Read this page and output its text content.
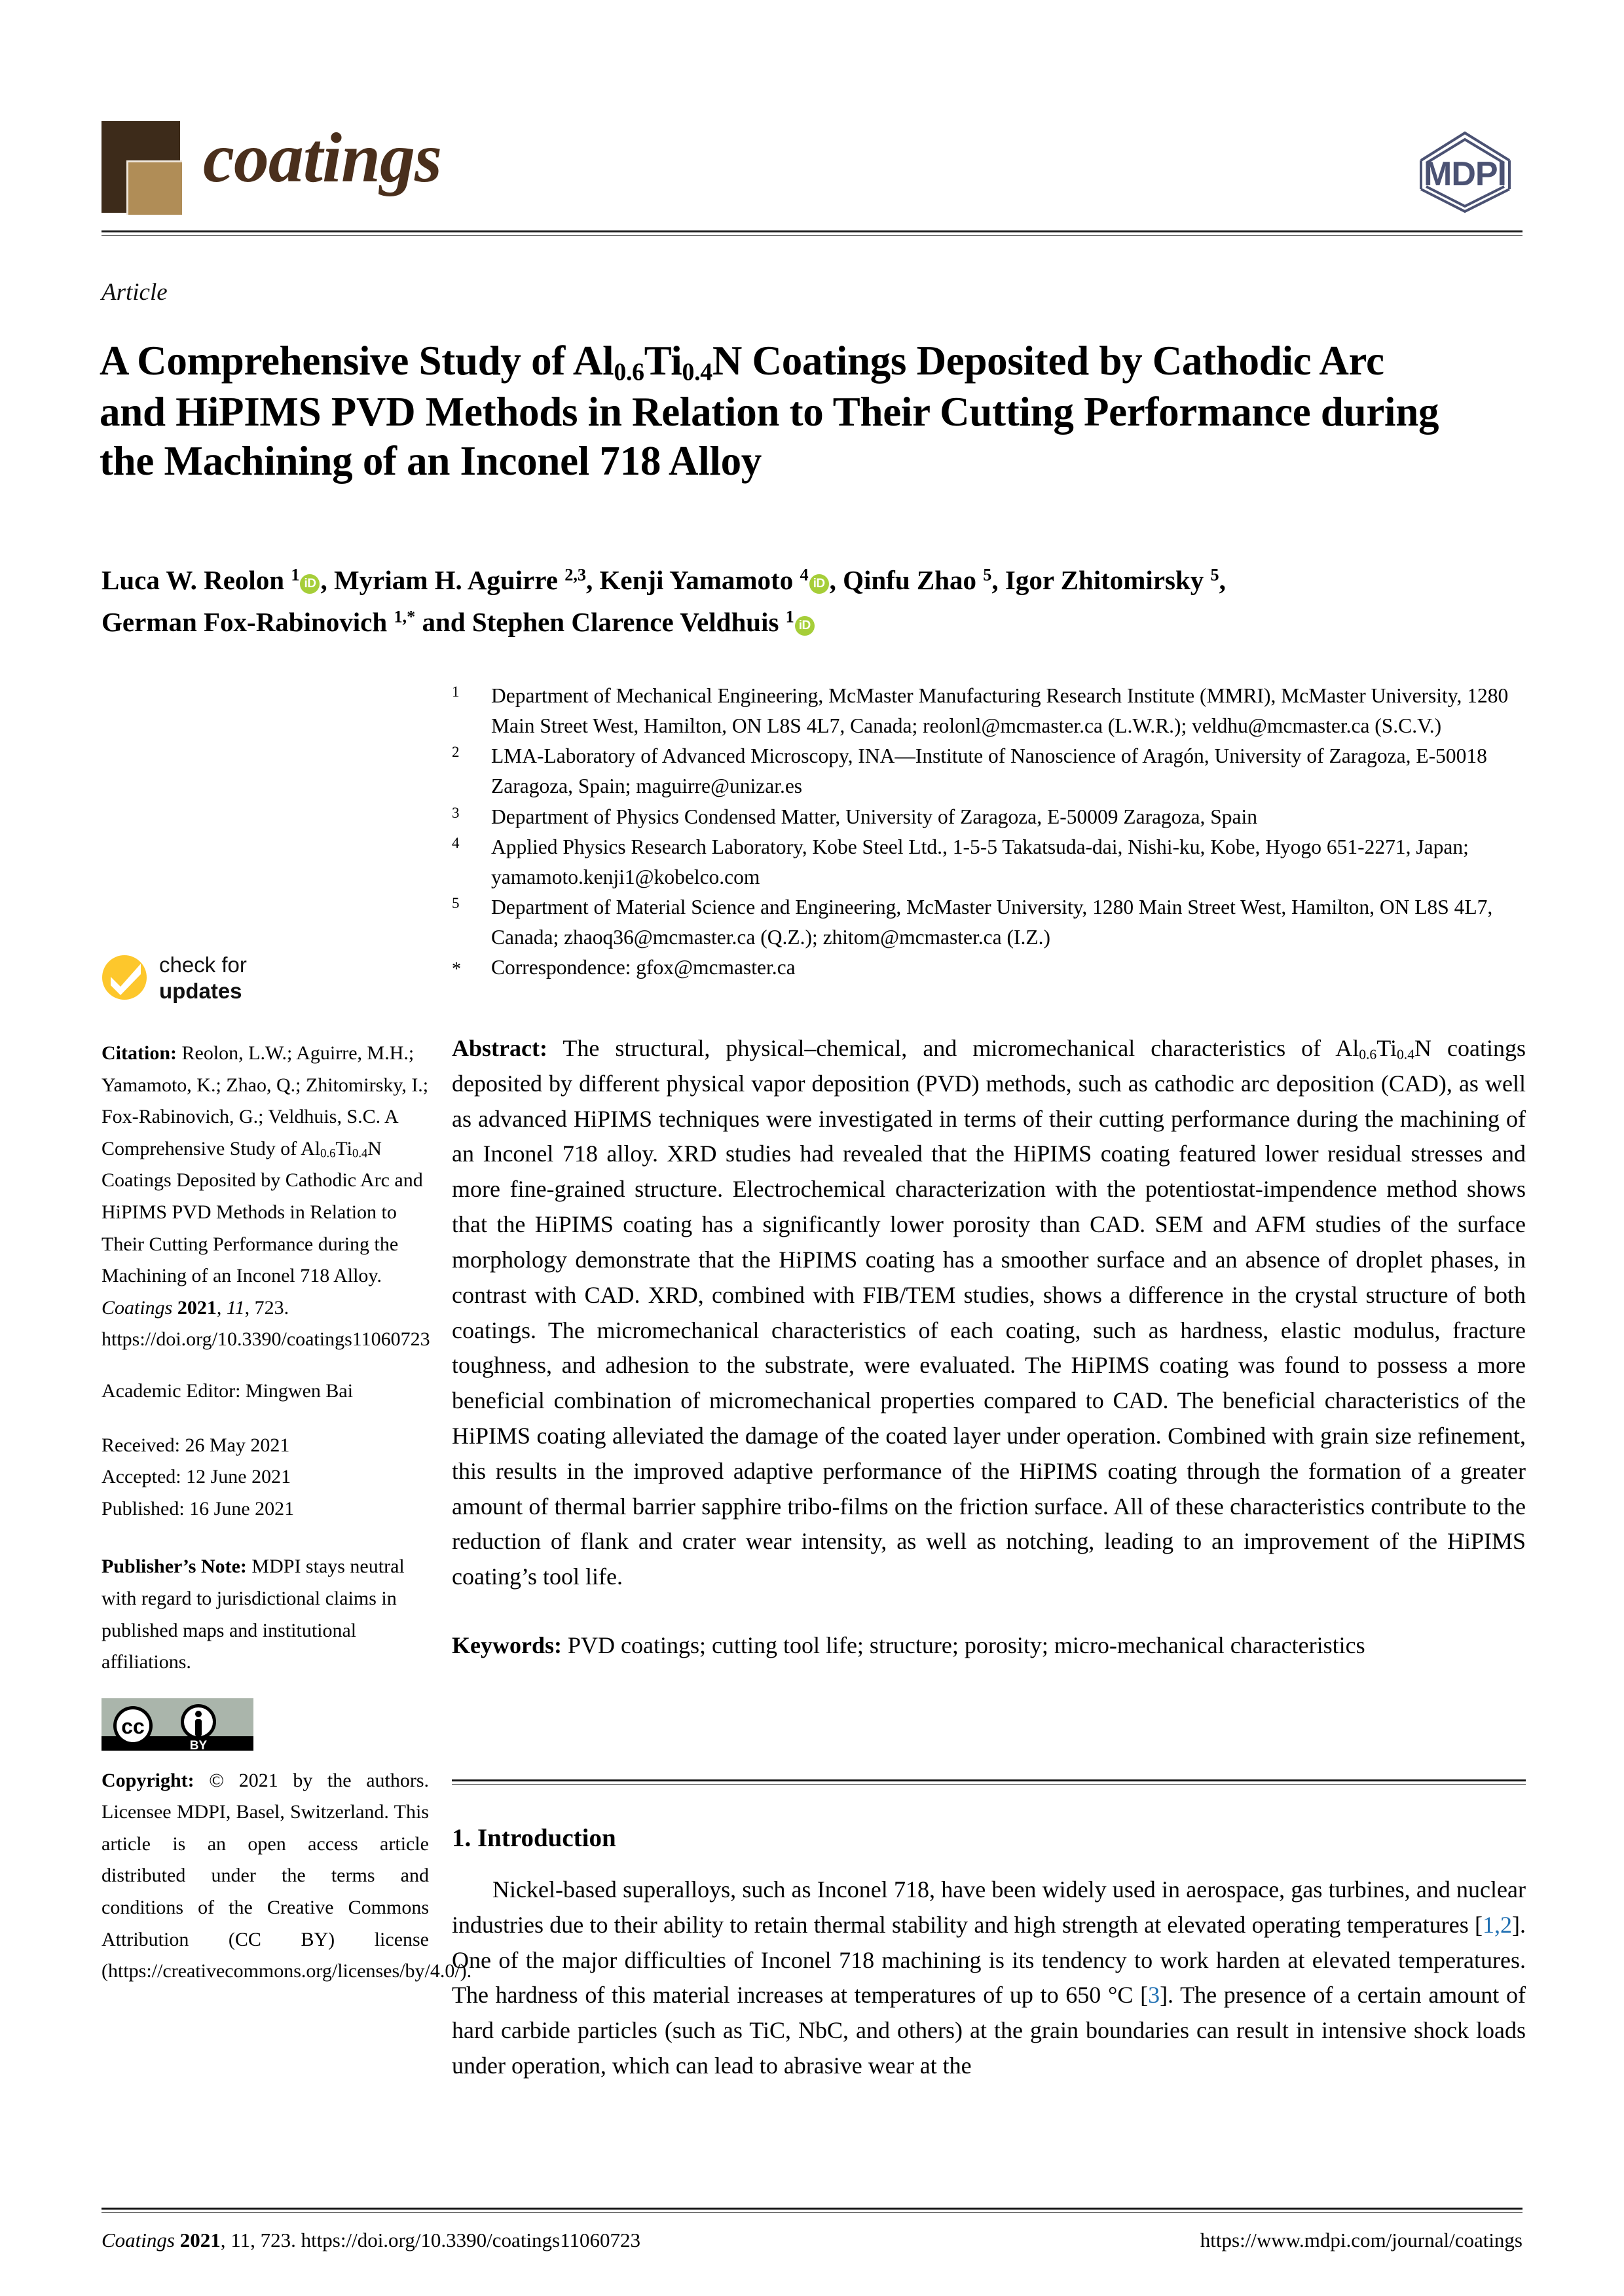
coatings	MDPI
Article
A Comprehensive Study of $Al_{0.6}Ti_{0.4}N$ Coatings Deposited by Cathodic Arc and HiPIMS PVD Methods in Relation to Their Cutting Performance during the Machining of an Inconel 718 Alloy
Luca W. Reolon $^1$ iD , Myriam H. Aguirre $^{2,3}$, Kenji Yamamoto $^4$ iD , Qinfu Zhao $^5$, Igor Zhitomirsky $^5$,
German Fox-Rabinovich $^{1,*}$ and Stephen Clarence Veldhuis $^1$ iD
1	Department of Mechanical Engineering, McMaster Manufacturing Research Institute (MMRI), McMaster University, 1280 Main Street West, Hamilton, ON L8S 4L7, Canada; reolonl@mcmaster.ca (L.W.R.); veldhu@mcmaster.ca (S.C.V.)
2	LMA-Laboratory of Advanced Microscopy, INA—Institute of Nanoscience of Aragón, University of Zaragoza, E-50018 Zaragoza, Spain; maguirre@unizar.es
3	Department of Physics Condensed Matter, University of Zaragoza, E-50009 Zaragoza, Spain
4	Applied Physics Research Laboratory, Kobe Steel Ltd., 1-5-5 Takatsuda-dai, Nishi-ku, Kobe, Hyogo 651-2271, Japan; yamamoto.kenji1@kobelco.com
5	Department of Material Science and Engineering, McMaster University, 1280 Main Street West, Hamilton, ON L8S 4L7, Canada; zhaoq36@mcmaster.ca (Q.Z.); zhitom@mcmaster.ca (I.Z.)
*	Correspondence: gfox@mcmaster.ca
check for
updates
Citation: Reolon, L.W.; Aguirre, M.H.; Yamamoto, K.; Zhao, Q.; Zhitomirsky, I.; Fox-Rabinovich, G.; Veldhuis, S.C. A Comprehensive Study of $Al_{0.6}Ti_{0.4}N$ Coatings Deposited by Cathodic Arc and HiPIMS PVD Methods in Relation to Their Cutting Performance during the Machining of an Inconel 718 Alloy. Coatings 2021, 11, 723. https://doi.org/10.3390/coatings11060723
Academic Editor: Mingwen Bai
Received: 26 May 2021
Accepted: 12 June 2021
Published: 16 June 2021
Publisher’s Note: MDPI stays neutral with regard to jurisdictional claims in published maps and institutional affiliations.
cc
BY
Copyright: © 2021 by the authors. Licensee MDPI, Basel, Switzerland. This article is an open access article distributed under the terms and conditions of the Creative Commons Attribution (CC BY) license (https://creativecommons.org/licenses/by/4.0/).
Abstract: The structural, physical–chemical, and micromechanical characteristics of $Al_{0.6}Ti_{0.4}N$ coatings deposited by different physical vapor deposition (PVD) methods, such as cathodic arc deposition (CAD), as well as advanced HiPIMS techniques were investigated in terms of their cutting performance during the machining of an Inconel 718 alloy. XRD studies had revealed that the HiPIMS coating featured lower residual stresses and more fine-grained structure. Electrochemical characterization with the potentiostat-impendence method shows that the HiPIMS coating has a significantly lower porosity than CAD. SEM and AFM studies of the surface morphology demonstrate that the HiPIMS coating has a smoother surface and an absence of droplet phases, in contrast with CAD. XRD, combined with FIB/TEM studies, shows a difference in the crystal structure of both coatings. The micromechanical characteristics of each coating, such as hardness, elastic modulus, fracture toughness, and adhesion to the substrate, were evaluated. The HiPIMS coating was found to possess a more beneficial combination of micromechanical properties compared to CAD. The beneficial characteristics of the HiPIMS coating alleviated the damage of the coated layer under operation. Combined with grain size refinement, this results in the improved adaptive performance of the HiPIMS coating through the formation of a greater amount of thermal barrier sapphire tribo-films on the friction surface. All of these characteristics contribute to the reduction of flank and crater wear intensity, as well as notching, leading to an improvement of the HiPIMS coating’s tool life.
Keywords: PVD coatings; cutting tool life; structure; porosity; micro-mechanical characteristics
1. Introduction

Nickel-based superalloys, such as Inconel 718, have been widely used in aerospace, gas turbines, and nuclear industries due to their ability to retain thermal stability and high strength at elevated operating temperatures [1,2]. One of the major difficulties of Inconel 718 machining is its tendency to work harden at elevated temperatures. The hardness of this material increases at temperatures of up to 650 °C [3]. The presence of a certain amount of hard carbide particles (such as TiC, NbC, and others) at the grain boundaries can result in intensive shock loads under operation, which can lead to abrasive wear at the

Coatings 2021, 11, 723. https://doi.org/10.3390/coatings11060723	https://www.mdpi.com/journal/coatings
